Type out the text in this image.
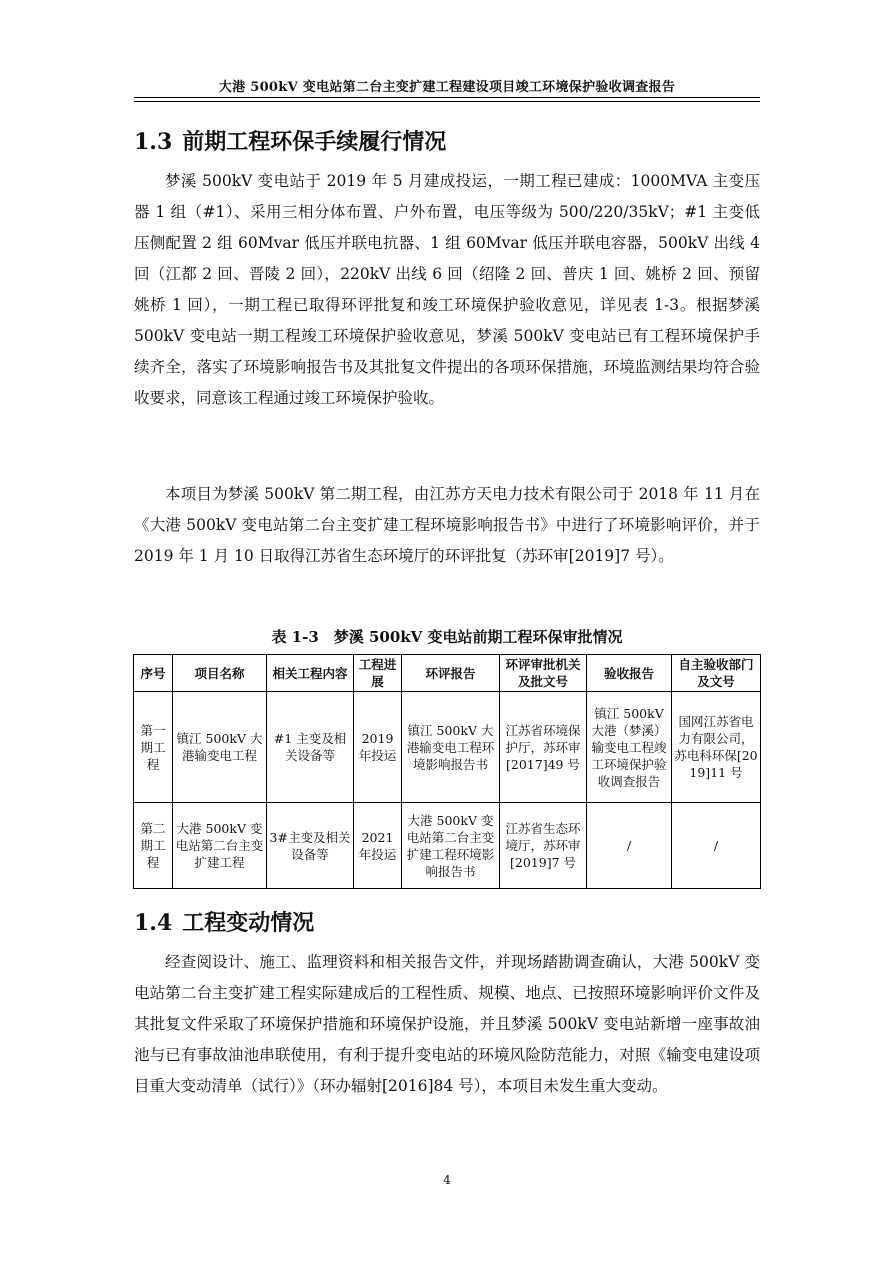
大港 500kV 变电站第二台主变扩建工程建设项目竣工环境保护验收调查报告
1.3 前期工程环保手续履行情况

梦溪 500kV 变电站于 2019 年 5 月建成投运，一期工程已建成：1000MVA 主变压器 1 组（#1）、采用三相分体布置、户外布置，电压等级为 500/220/35kV；#1 主变低压侧配置 2 组 60Mvar 低压并联电抗器、1 组 60Mvar 低压并联电容器，500kV 出线 4 回（江都 2 回、晋陵 2 回），220kV 出线 6 回（绍隆 2 回、普庆 1 回、姚桥 2 回、预留姚桥 1 回），一期工程已取得环评批复和竣工环境保护验收意见，详见表 1-3。根据梦溪 500kV 变电站一期工程竣工环境保护验收意见，梦溪 500kV 变电站已有工程环境保护手续齐全，落实了环境影响报告书及其批复文件提出的各项环保措施，环境监测结果均符合验收要求，同意该工程通过竣工环境保护验收。

本项目为梦溪 500kV 第二期工程，由江苏方天电力技术有限公司于 2018 年 11 月在《大港 500kV 变电站第二台主变扩建工程环境影响报告书》中进行了环境影响评价，并于 2019 年 1 月 10 日取得江苏省生态环境厅的环评批复（苏环审[2019]7 号）。

表 1-3　梦溪 500kV 变电站前期工程环保审批情况
序号	项目名称	相关工程内容	工程进展	环评报告	环评审批机关及批文号	验收报告	自主验收部门及文号
第一期工程	镇江 500kV 大港输变电工程	#1 主变及相关设备等	2019 年投运	镇江 500kV 大港输变电工程环境影响报告书	江苏省环境保护厅，苏环审[2017]49 号	镇江 500kV 大港（梦溪）输变电工程竣工环境保护验收调查报告	国网江苏省电力有限公司，苏电科环保[2019]11 号
第二期工程	大港 500kV 变电站第二台主变扩建工程	3#主变及相关设备等	2021 年投运	大港 500kV 变电站第二台主变扩建工程环境影响报告书	江苏省生态环境厅，苏环审[2019]7 号	/	/
1.4 工程变动情况

经查阅设计、施工、监理资料和相关报告文件，并现场踏勘调查确认，大港 500kV 变电站第二台主变扩建工程实际建成后的工程性质、规模、地点、已按照环境影响评价文件及其批复文件采取了环境保护措施和环境保护设施，并且梦溪 500kV 变电站新增一座事故油池与已有事故油池串联使用，有利于提升变电站的环境风险防范能力，对照《输变电建设项目重大变动清单（试行）》（环办辐射[2016]84 号），本项目未发生重大变动。

4
